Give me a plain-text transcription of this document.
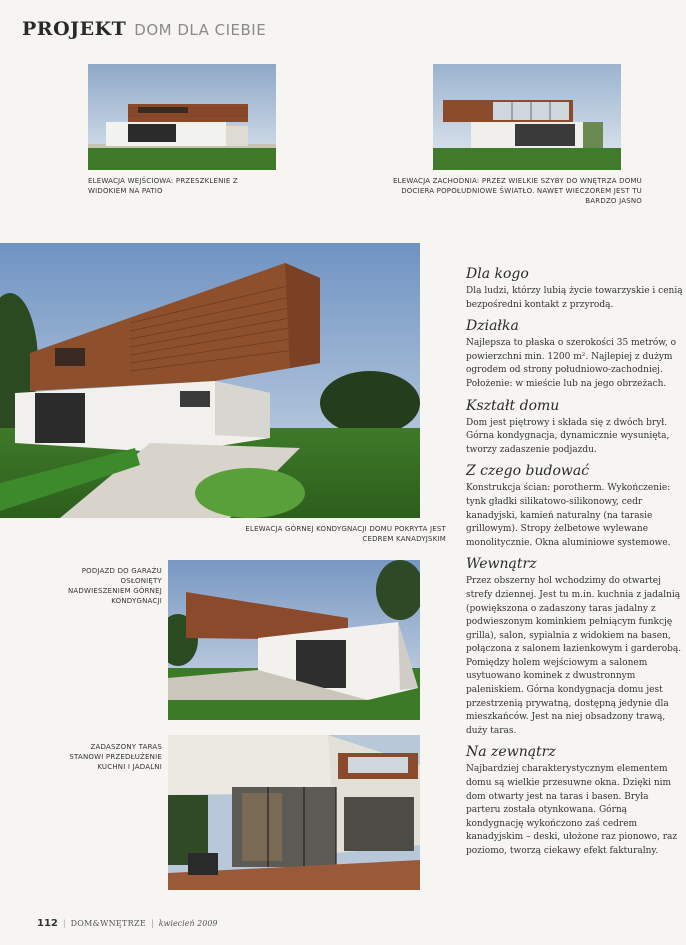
PROJEKT DOM DLA CIEBIE
ELEWACJA WEJŚCIOWA: PRZESZKLENIE Z WIDOKIEM NA PATIO
ELEWACJA ZACHODNIA: PRZEZ WIELKIE SZYBY DO WNĘTRZA DOMU DOCIERA POPOŁUDNIOWE ŚWIATŁO. NAWET WIECZOREM JEST TU BARDZO JASNO
ELEWACJA GÓRNEJ KONDYGNACJI DOMU POKRYTA JEST CEDREM KANADYJSKIM
PODJAZD DO GARAŻU OSŁONIĘTY NADWIESZENIEM GÓRNEJ KONDYGNACJI
ZADASZONY TARAS STANOWI PRZEDŁUŻENIE KUCHNI I JADALNI
Dla kogo
Dla ludzi, którzy lubią życie towarzyskie i cenią bezpośredni kontakt z przyrodą.
Działka
Najlepsza to płaska o szerokości 35 metrów, o powierzchni min. 1200 m². Najlepiej z dużym ogrodem od strony południowo-zachodniej. Położenie: w mieście lub na jego obrzeżach.
Kształt domu
Dom jest piętrowy i składa się z dwóch brył. Górna kondygnacja, dynamicznie wysunięta, tworzy zadaszenie podjazdu.
Z czego budować
Konstrukcja ścian: porotherm. Wykończenie: tynk gładki silikatowo-silikonowy, cedr kanadyjski, kamień naturalny (na tarasie grillowym). Stropy żelbetowe wylewane monolitycznie. Okna aluminiowe systemowe.
Wewnątrz
Przez obszerny hol wchodzimy do otwartej strefy dziennej. Jest tu m.in. kuchnia z jadalnią (powiększona o zadaszony taras jadalny z podwieszonym kominkiem pełniącym funkcję grilla), salon, sypialnia z widokiem na basen, połączona z salonem łazienkowym i garderobą. Pomiędzy holem wejściowym a salonem usytuowano kominek z dwustronnym paleniskiem. Górna kondygnacja domu jest przestrzenią prywatną, dostępną jedynie dla mieszkańców. Jest na niej obsadzony trawą, duży taras.
Na zewnątrz
Najbardziej charakterystycznym elementem domu są wielkie przesuwne okna. Dzięki nim dom otwarty jest na taras i basen. Bryła parteru została otynkowana. Górną kondygnację wykończono zaś cedrem kanadyjskim – deski, ułożone raz pionowo, raz poziomo, tworzą ciekawy efekt fakturalny.
112 | DOM&WNĘTRZE | kwiecień 2009
